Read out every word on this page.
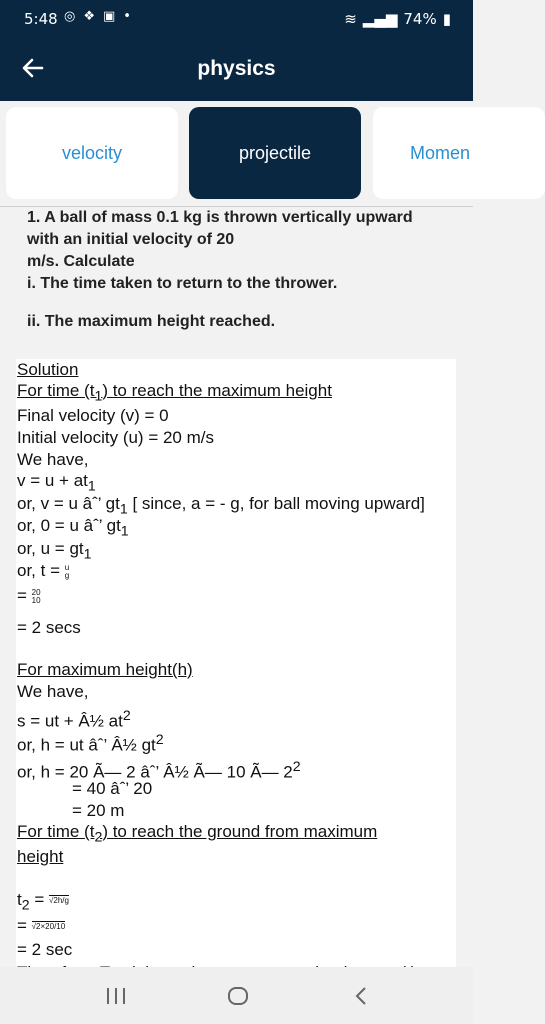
5:48 ◎ ❖ ▣ •	≋ ▂▄▆ 74% ▮
physics
velocity	projectile	Momen
1. A ball of mass 0.1 kg is thrown vertically upward
with an initial velocity of 20
m/s. Calculate
i. The time taken to return to the thrower.
ii. The maximum height reached.
Solution
For time $(t_1)$ to reach the maximum height
Final velocity (v) = 0
Initial velocity (u) = 20 m/s
We have,
$v = u + at_1$
or, v = u âˆ’ $gt_1$ [ since, a = - g, for ball moving upward]
or, 0 = u âˆ’ $gt_1$
or, $u = gt_1$
or, t = u
g
= 20
10
= 2 secs
For maximum height(h)
We have,
s = ut + Â½ $at^2$
or, h = ut âˆ’ Â½ $gt^2$
or, h = 20 Ã— 2 âˆ’ Â½ Ã— 10 Ã— $2^2$
= 40 âˆ’ 20
= 20 m
For time $(t_2)$ to reach the ground from maximum
height
$t_2 = √2h/g$
= √2×20/10
= 2 sec
